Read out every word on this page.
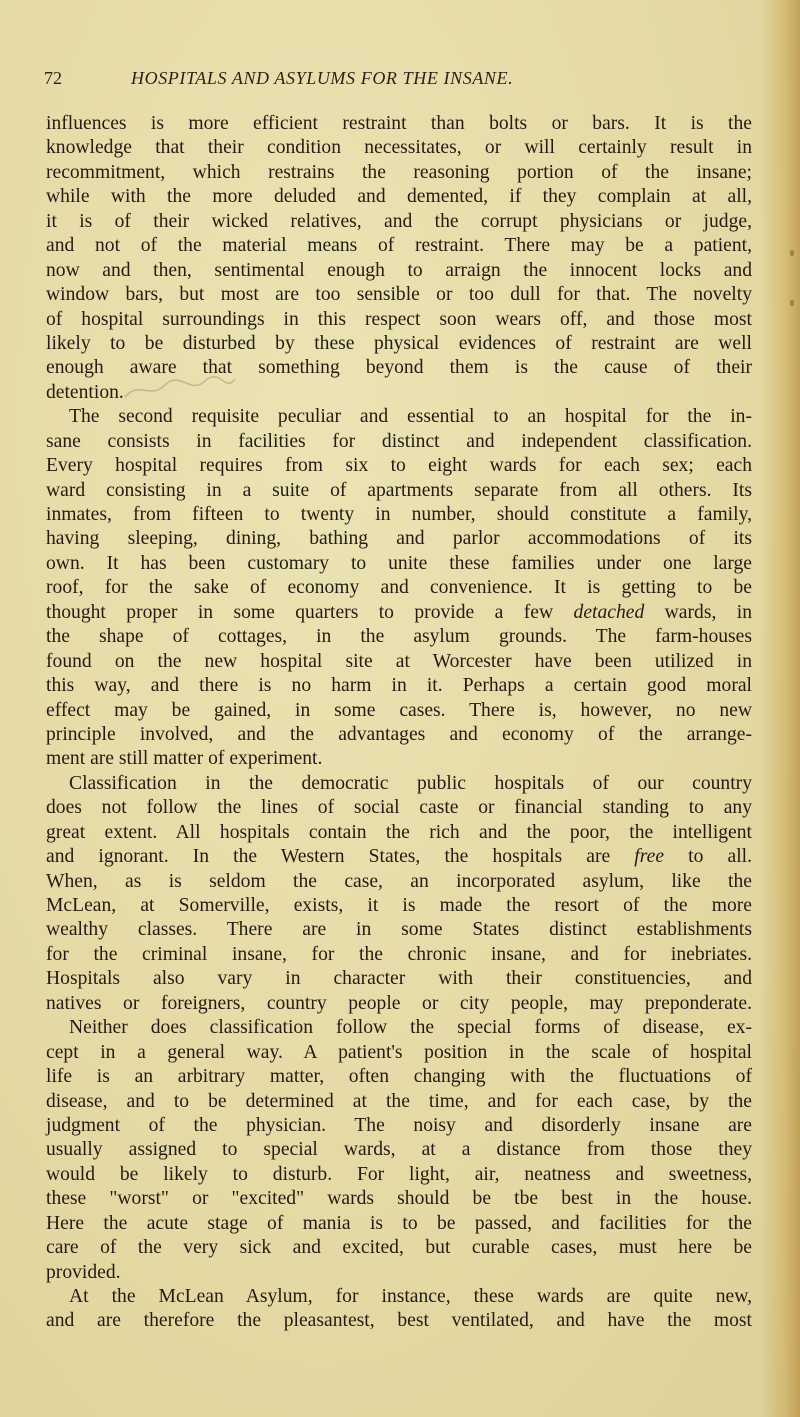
72	HOSPITALS AND ASYLUMS FOR THE INSANE.
influences is more efficient restraint than bolts or bars. It is the
knowledge that their condition necessitates, or will certainly result in
recommitment, which restrains the reasoning portion of the insane;
while with the more deluded and demented, if they complain at all,
it is of their wicked relatives, and the corrupt physicians or judge,
and not of the material means of restraint. There may be a patient,
now and then, sentimental enough to arraign the innocent locks and
window bars, but most are too sensible or too dull for that. The novelty
of hospital surroundings in this respect soon wears off, and those most
likely to be disturbed by these physical evidences of restraint are well
enough aware that something beyond them is the cause of their
detention.
The second requisite peculiar and essential to an hospital for the in-
sane consists in facilities for distinct and independent classification.
Every hospital requires from six to eight wards for each sex; each
ward consisting in a suite of apartments separate from all others. Its
inmates, from fifteen to twenty in number, should constitute a family,
having sleeping, dining, bathing and parlor accommodations of its
own. It has been customary to unite these families under one large
roof, for the sake of economy and convenience. It is getting to be
thought proper in some quarters to provide a few detached wards, in
the shape of cottages, in the asylum grounds. The farm-houses
found on the new hospital site at Worcester have been utilized in
this way, and there is no harm in it. Perhaps a certain good moral
effect may be gained, in some cases. There is, however, no new
principle involved, and the advantages and economy of the arrange-
ment are still matter of experiment.
Classification in the democratic public hospitals of our country
does not follow the lines of social caste or financial standing to any
great extent. All hospitals contain the rich and the poor, the intelligent
and ignorant. In the Western States, the hospitals are free to all.
When, as is seldom the case, an incorporated asylum, like the
McLean, at Somerville, exists, it is made the resort of the more
wealthy classes. There are in some States distinct establishments
for the criminal insane, for the chronic insane, and for inebriates.
Hospitals also vary in character with their constituencies, and
natives or foreigners, country people or city people, may preponderate.
Neither does classification follow the special forms of disease, ex-
cept in a general way. A patient's position in the scale of hospital
life is an arbitrary matter, often changing with the fluctuations of
disease, and to be determined at the time, and for each case, by the
judgment of the physician. The noisy and disorderly insane are
usually assigned to special wards, at a distance from those they
would be likely to disturb. For light, air, neatness and sweetness,
these "worst" or "excited" wards should be tbe best in the house.
Here the acute stage of mania is to be passed, and facilities for the
care of the very sick and excited, but curable cases, must here be
provided.
At the McLean Asylum, for instance, these wards are quite new,
and are therefore the pleasantest, best ventilated, and have the most
